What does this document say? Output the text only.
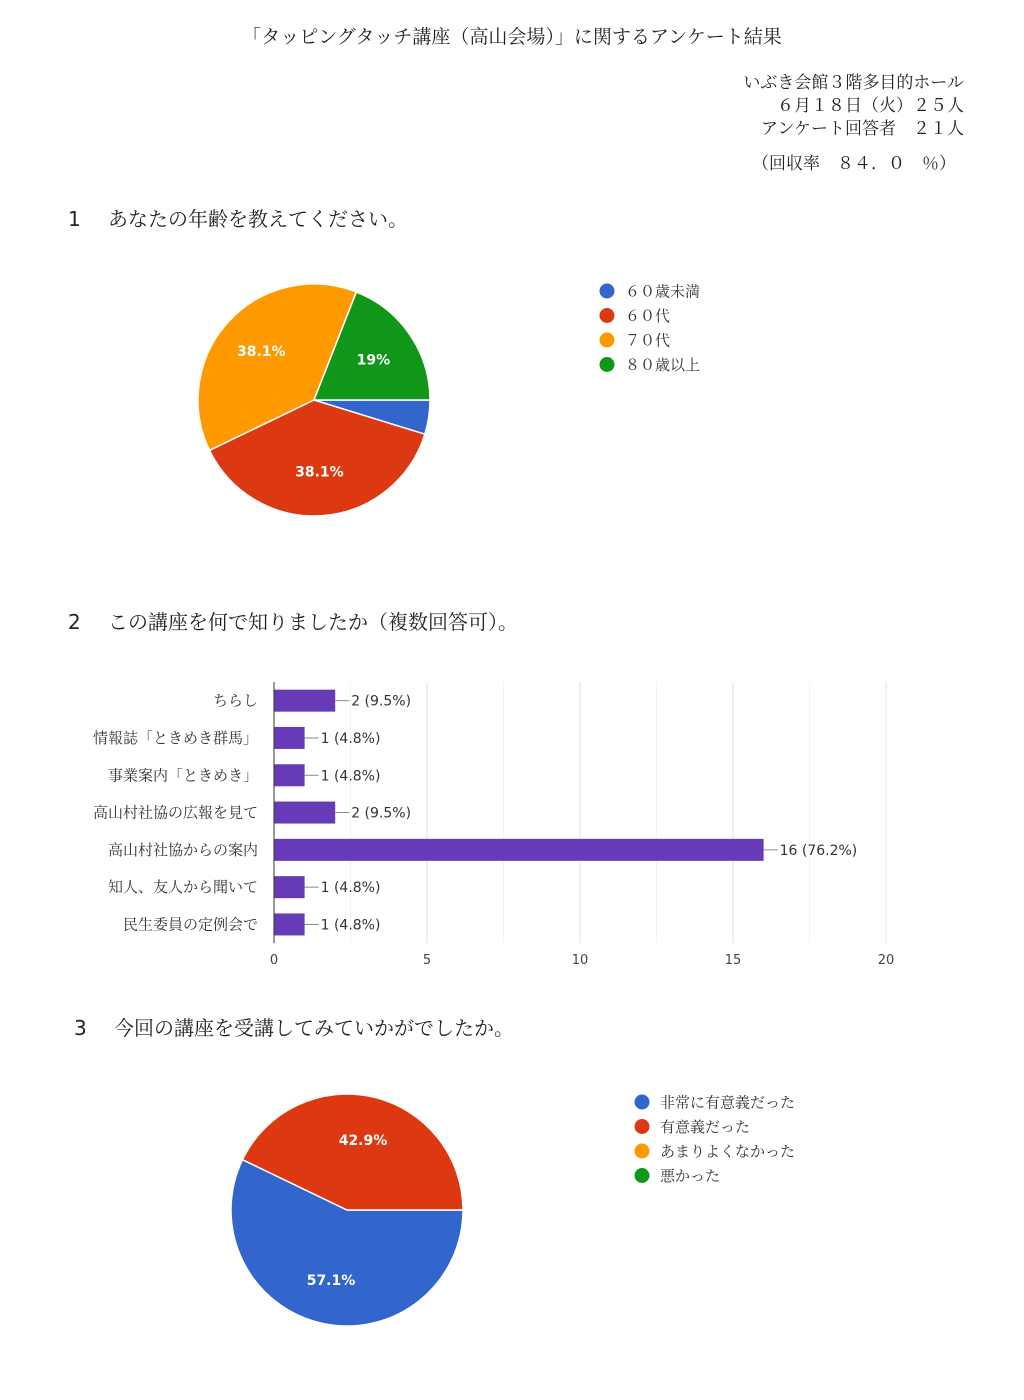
「タッピングタッチ講座（高山会場）」に関するアンケート結果
いぶき会館３階多目的ホール
６月１８日（火）２５人
アンケート回答者　２１人
（回収率　８４．０　％）
1 あなたの年齢を教えてください。
38.1%
38.1%
19%
６０歳未満
６０代
７０代
８０歳以上
2 この講座を何で知りましたか（複数回答可）。
0	5	10	15	20
ちらし	2 (9.5%)
情報誌「ときめき群馬」	1 (4.8%)
事業案内「ときめき」	1 (4.8%)
高山村社協の広報を見て	2 (9.5%)
高山村社協からの案内	16 (76.2%)
知人、友人から聞いて	1 (4.8%)
民生委員の定例会で	1 (4.8%)
3 今回の講座を受講してみていかがでしたか。
57.1%
42.9%
非常に有意義だった
有意義だった
あまりよくなかった
悪かった
